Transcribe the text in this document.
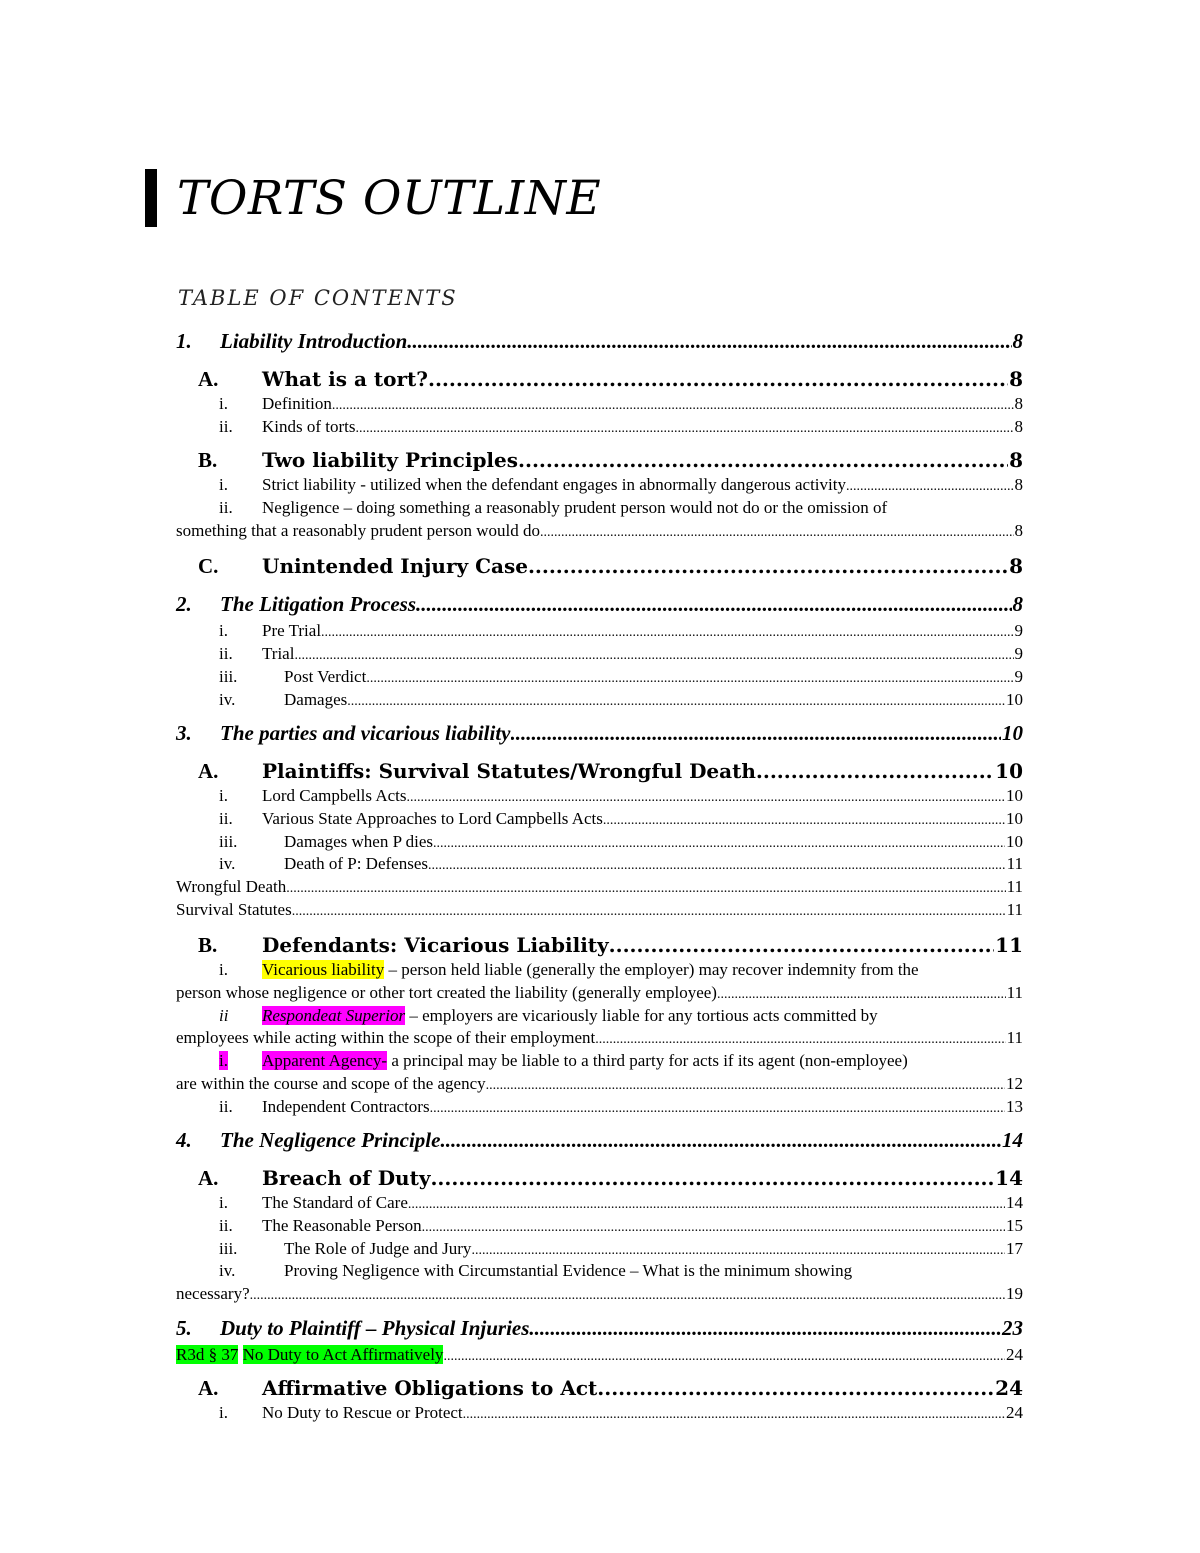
TORTS OUTLINE
TABLE OF CONTENTS
1.	Liability Introduction .....	8
A.	What is a tort? .....	8
i.	Definition .....	8
ii.	Kinds of torts .....	8
B.	Two liability Principles .....	8
i.	Strict liability - utilized when the defendant engages in abnormally dangerous activity .....	8
ii.	Negligence – doing something a reasonably prudent person would not do or the omission of
something that a reasonably prudent person would do .....	8
C.	Unintended Injury Case .....	8
2.	The Litigation Process .....	8
i.	Pre Trial .....	9
ii.	Trial .....	9
iii.	Post Verdict .....	9
iv.	Damages .....	10
3.	The parties and vicarious liability .....	10
A.	Plaintiffs: Survival Statutes/Wrongful Death .....	10
i.	Lord Campbells Acts .....	10
ii.	Various State Approaches to Lord Campbells Acts .....	10
iii.	Damages when P dies .....	10
iv.	Death of P: Defenses .....	11
Wrongful Death .....	11
Survival Statutes .....	11
B.	Defendants: Vicarious Liability .....	11
i.	Vicarious liability – person held liable (generally the employer) may recover indemnity from the
person whose negligence or other tort created the liability (generally employee) .....	11
ii	Respondeat Superior – employers are vicariously liable for any tortious acts committed by
employees while acting within the scope of their employment .....	11
i.	Apparent Agency- a principal may be liable to a third party for acts if its agent (non-employee)
are within the course and scope of the agency .....	12
ii.	Independent Contractors .....	13
4.	The Negligence Principle .....	14
A.	Breach of Duty .....	14
i.	The Standard of Care .....	14
ii.	The Reasonable Person .....	15
iii.	The Role of Judge and Jury .....	17
iv.	Proving Negligence with Circumstantial Evidence – What is the minimum showing
necessary? .....	19
5.	Duty to Plaintiff – Physical Injuries .....	23
R3d § 37 No Duty to Act Affirmatively .....	24
A.	Affirmative Obligations to Act .....	24
i.	No Duty to Rescue or Protect .....	24
